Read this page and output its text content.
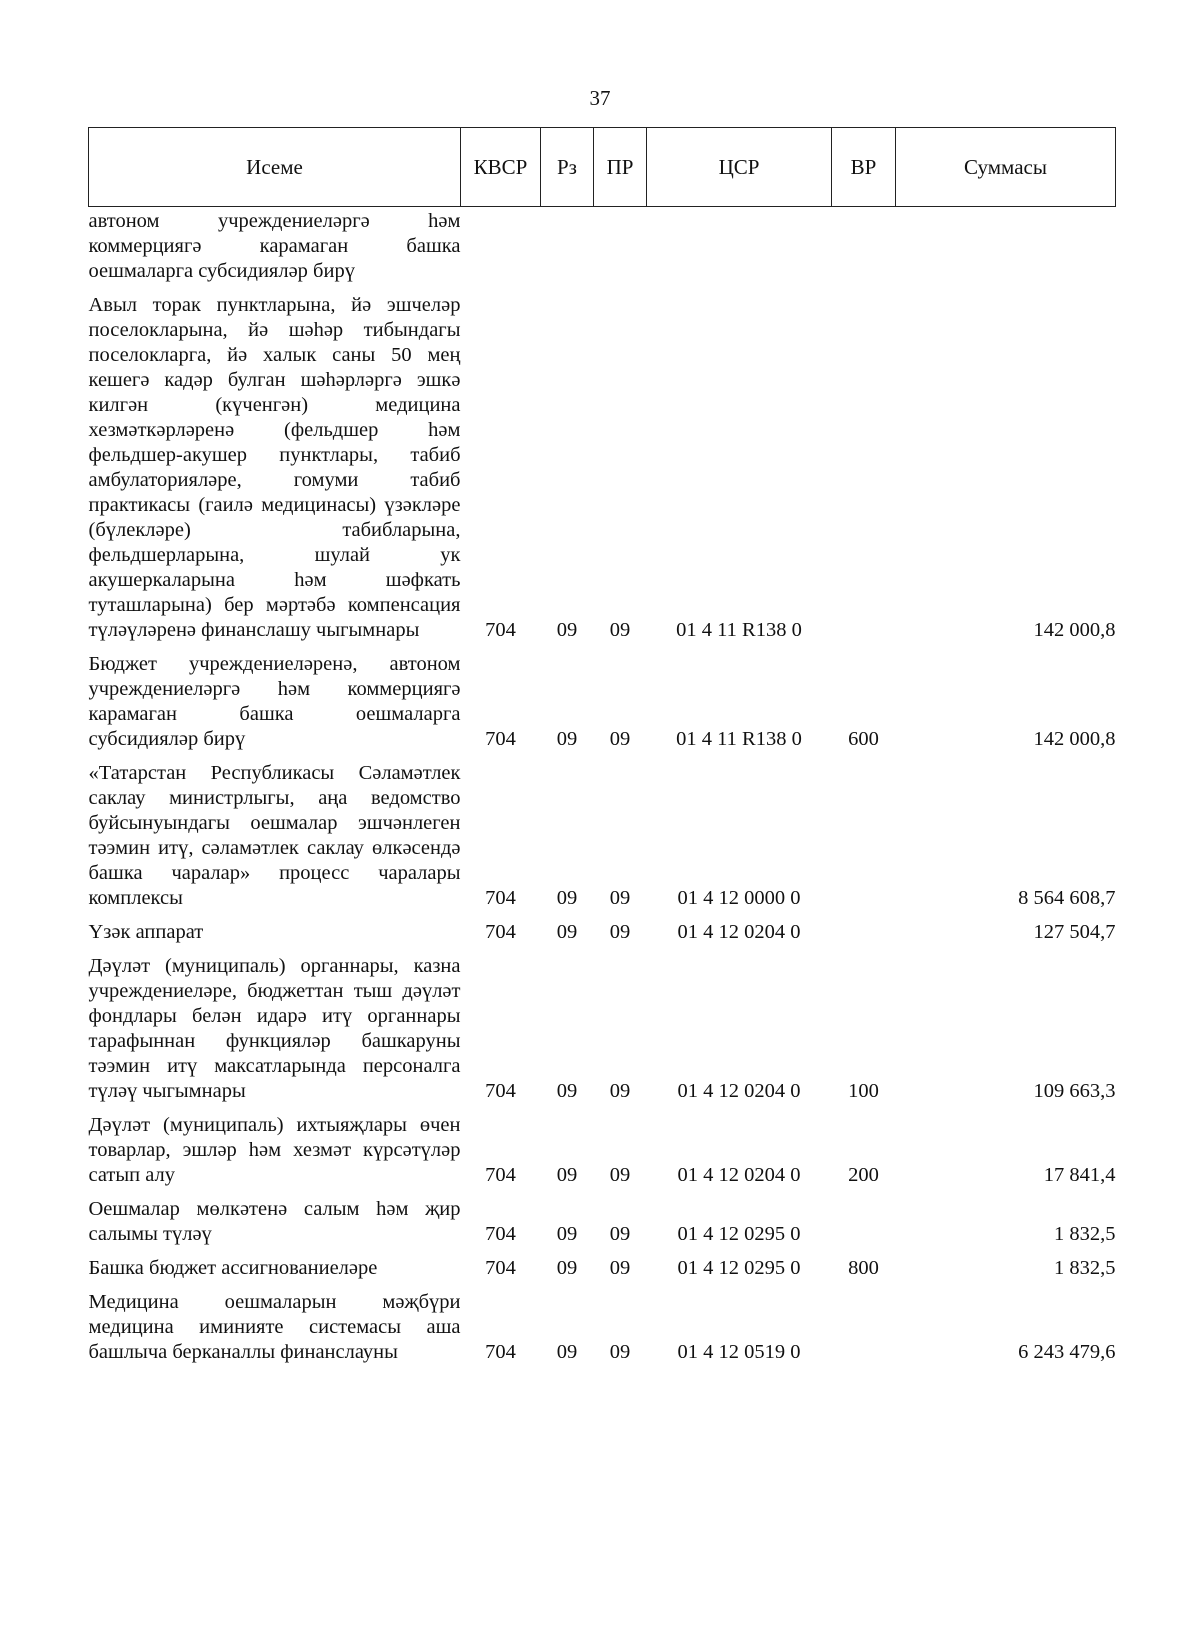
37
Исеме	КВСР	Рз	ПР	ЦСР	ВР	Суммасы
автоном учреждениеләргә һәм коммерциягә карамаган башка оешмаларга субсидияләр бирү						
Авыл торак пунктларына, йә эшчеләр поселокларына, йә шәһәр тибындагы поселокларга, йә халык саны 50 мең кешегә кадәр булган шәһәрләргә эшкә килгән (күченгән) медицина хезмәткәрләренә (фельдшер һәм фельдшер-акушер пунктлары, табиб амбулаторияләре, гомуми табиб практикасы (гаилә медицинасы) үзәкләре (бүлекләре) табибларына, фельдшерларына, шулай ук акушеркаларына һәм шәфкать туташларына) бер мәртәбә компенсация түләүләренә финанслашу чыгымнары	704	09	09	01 4 11 R138 0		142 000,8
Бюджет учреждениеләренә, автоном учреждениеләргә һәм коммерциягә карамаган башка оешмаларга субсидияләр бирү	704	09	09	01 4 11 R138 0	600	142 000,8
«Татарстан Республикасы Сәламәтлек саклау министрлыгы, аңа ведомство буйсынуындагы оешмалар эшчәнлеген тәэмин итү, сәламәтлек саклау өлкәсендә башка чаралар» процесс чаралары комплексы	704	09	09	01 4 12 0000 0		8 564 608,7
Үзәк аппарат	704	09	09	01 4 12 0204 0		127 504,7
Дәүләт (муниципаль) органнары, казна учреждениеләре, бюджеттан тыш дәүләт фондлары белән идарә итү органнары тарафыннан функцияләр башкаруны тәэмин итү максатларында персоналга түләү чыгымнары	704	09	09	01 4 12 0204 0	100	109 663,3
Дәүләт (муниципаль) ихтыяҗлары өчен товарлар, эшләр һәм хезмәт күрсәтүләр сатып алу	704	09	09	01 4 12 0204 0	200	17 841,4
Оешмалар мөлкәтенә салым һәм җир салымы түләү	704	09	09	01 4 12 0295 0		1 832,5
Башка бюджет ассигнованиеләре	704	09	09	01 4 12 0295 0	800	1 832,5
Медицина оешмаларын мәҗбүри медицина иминияте системасы аша башлыча берканаллы финанслауны	704	09	09	01 4 12 0519 0		6 243 479,6
